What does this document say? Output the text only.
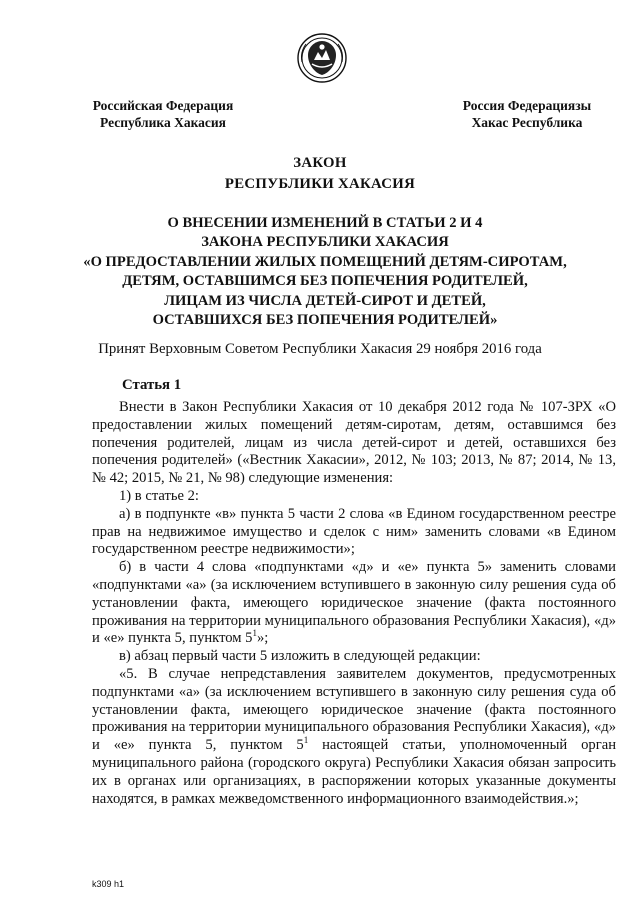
Российская Федерация
Республика Хакасия
Россия Федерациязы
Хакас Республика
ЗАКОН
РЕСПУБЛИКИ ХАКАСИЯ
О ВНЕСЕНИИ ИЗМЕНЕНИЙ В СТАТЬИ 2 И 4
ЗАКОНА РЕСПУБЛИКИ ХАКАСИЯ
«О ПРЕДОСТАВЛЕНИИ ЖИЛЫХ ПОМЕЩЕНИЙ ДЕТЯМ-СИРОТАМ,
ДЕТЯМ, ОСТАВШИМСЯ БЕЗ ПОПЕЧЕНИЯ РОДИТЕЛЕЙ,
ЛИЦАМ ИЗ ЧИСЛА ДЕТЕЙ-СИРОТ И ДЕТЕЙ,
ОСТАВШИХСЯ БЕЗ ПОПЕЧЕНИЯ РОДИТЕЛЕЙ»
Принят Верховным Советом Республики Хакасия 29 ноября 2016 года
Статья 1

Внести в Закон Республики Хакасия от 10 декабря 2012 года № 107-ЗРХ «О предоставлении жилых помещений детям-сиротам, детям, оставшимся без попечения родителей, лицам из числа детей-сирот и детей, оставшихся без попечения родителей» («Вестник Хакасии», 2012, № 103; 2013, № 87; 2014, № 13, № 42; 2015, № 21, № 98) следующие изменения:

1) в статье 2:

а) в подпункте «в» пункта 5 части 2 слова «в Едином государственном реестре прав на недвижимое имущество и сделок с ним» заменить словами «в Едином государственном реестре недвижимости»;

б) в части 4 слова «подпунктами «д» и «е» пункта 5» заменить словами «подпунктами «а» (за исключением вступившего в законную силу решения суда об установлении факта, имеющего юридическое значение (факта постоянного проживания на территории муниципального образования Республики Хакасия), «д» и «е» пункта 5, пунктом $5^1$»;

в) абзац первый части 5 изложить в следующей редакции:

«5. В случае непредставления заявителем документов, предусмотренных подпунктами «а» (за исключением вступившего в законную силу решения суда об установлении факта, имеющего юридическое значение (факта постоянного проживания на территории муниципального образования Республики Хакасия), «д» и «е» пункта 5, пунктом $5^1$ настоящей статьи, уполномоченный орган муниципального района (городского округа) Республики Хакасия обязан запросить их в органах или организациях, в распоряжении которых указанные документы находятся, в рамках межведомственного информационного взаимодействия.»;

k309 h1
